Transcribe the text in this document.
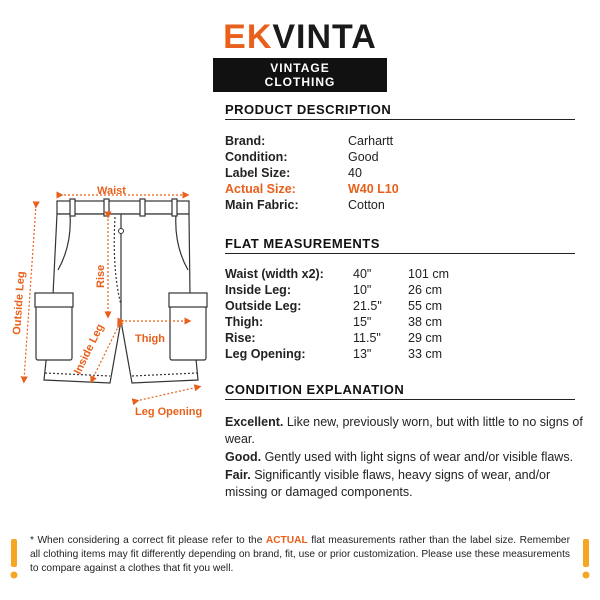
EKVINTA
VINTAGE CLOTHING
PRODUCT DESCRIPTION
Brand:	Carhartt
Condition:	Good
Label Size:	40
Actual Size:	W40 L10
Main Fabric:	Cotton
FLAT MEASUREMENTS
Waist (width x2): 40"	101 cm
Inside Leg:	10"	26 cm
Outside Leg:	21.5" 55 cm
Thigh:	15"	38 cm
Rise:	11.5" 29 cm
Leg Opening:	13"	33 cm
CONDITION EXPLANATION
Excellent. Like new, previously worn, but with little to no signs of wear.
Good. Gently used with light signs of wear and/or visible flaws.
Fair. Significantly visible flaws, heavy signs of wear, and/or missing or damaged components.
Waist
Rise
Outside Leg
Inside Leg	Thigh
Leg Opening
* When considering a correct fit please refer to the ACTUAL flat measurements rather than the label size. Remember all clothing items may fit differently depending on brand, fit, use or prior customization. Please use these measurements to compare against a clothes that fit you well.
